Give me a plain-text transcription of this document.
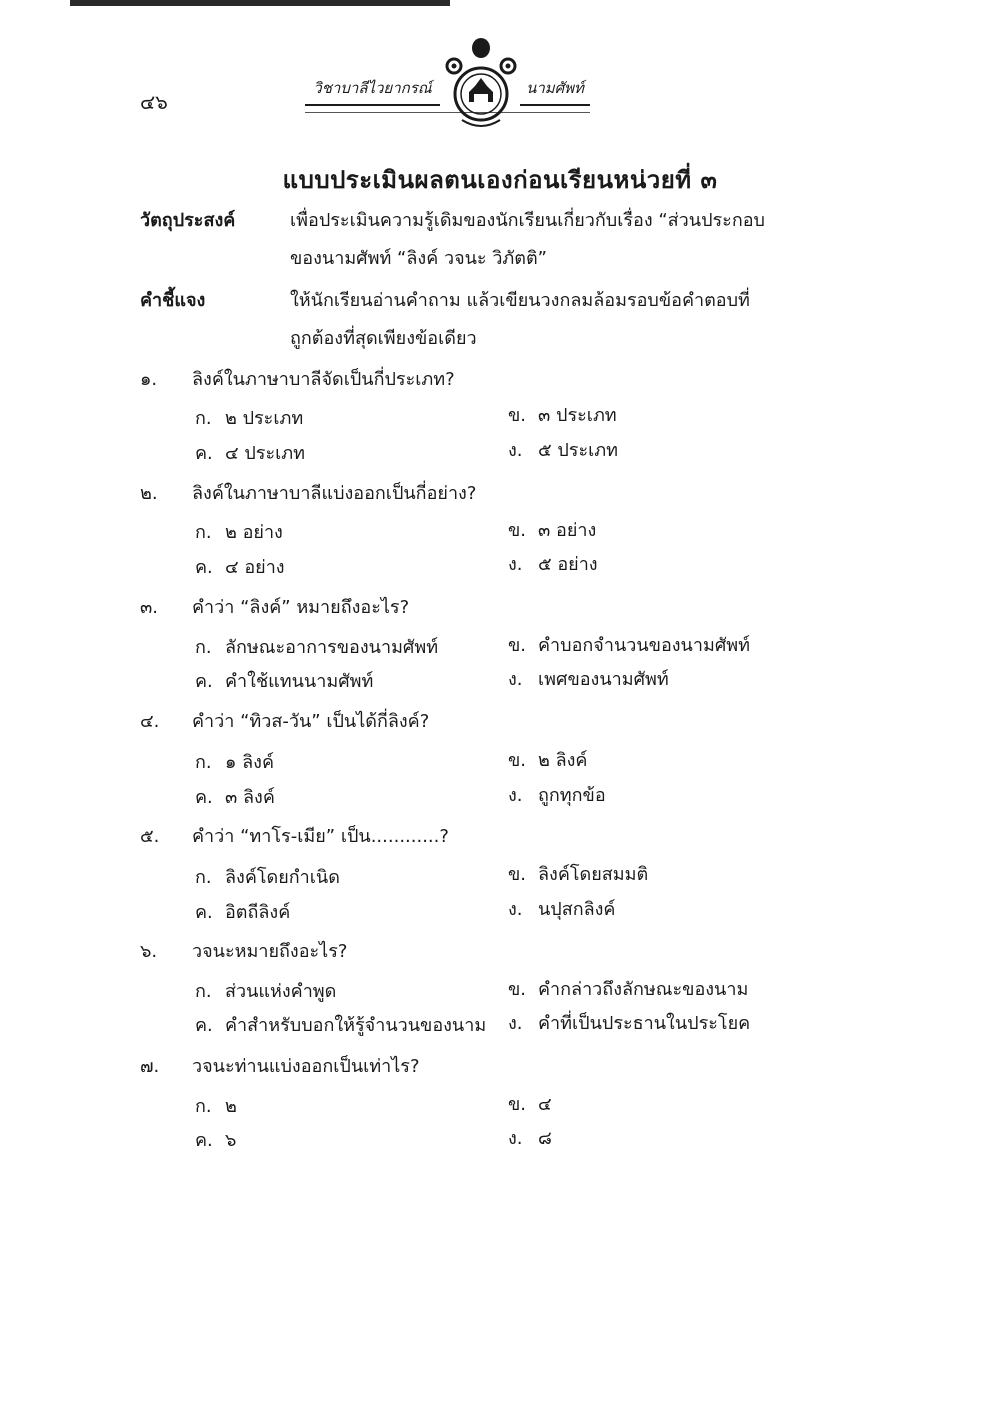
๔๖
วิชาบาลีไวยากรณ์	นามศัพท์
แบบประเมินผลตนเองก่อนเรียนหน่วยที่ ๓
วัตถุประสงค์	เพื่อประเมินความรู้เดิมของนักเรียนเกี่ยวกับเรื่อง “ส่วนประกอบ
ของนามศัพท์ “ลิงค์ วจนะ วิภัตติ”
คำชี้แจง	ให้นักเรียนอ่านคำถาม แล้วเขียนวงกลมล้อมรอบข้อคำตอบที่
ถูกต้องที่สุดเพียงข้อเดียว
๑. ลิงค์ในภาษาบาลีจัดเป็นกี่ประเภท?
ก. ๒ ประเภท	ข. ๓ ประเภท
ค. ๔ ประเภท	ง. ๕ ประเภท
๒. ลิงค์ในภาษาบาลีแบ่งออกเป็นกี่อย่าง?
ก. ๒ อย่าง	ข. ๓ อย่าง
ค. ๔ อย่าง	ง. ๕ อย่าง
๓. คำว่า “ลิงค์” หมายถึงอะไร?
ก. ลักษณะอาการของนามศัพท์	ข. คำบอกจำนวนของนามศัพท์
ค. คำใช้แทนนามศัพท์	ง. เพศของนามศัพท์
๔. คำว่า “ทิวส-วัน” เป็นได้กี่ลิงค์?
ก. ๑ ลิงค์	ข. ๒ ลิงค์
ค. ๓ ลิงค์	ง. ถูกทุกข้อ
๕. คำว่า “ทาโร-เมีย” เป็น............?
ก. ลิงค์โดยกำเนิด	ข. ลิงค์โดยสมมติ
ค. อิตถีลิงค์	ง. นปุสกลิงค์
๖. วจนะหมายถึงอะไร?
ก. ส่วนแห่งคำพูด	ข. คำกล่าวถึงลักษณะของนาม
ค. คำสำหรับบอกให้รู้จำนวนของนาม ง. คำที่เป็นประธานในประโยค
๗. วจนะท่านแบ่งออกเป็นเท่าไร?
ก. ๒	ข. ๔
ค. ๖	ง. ๘
